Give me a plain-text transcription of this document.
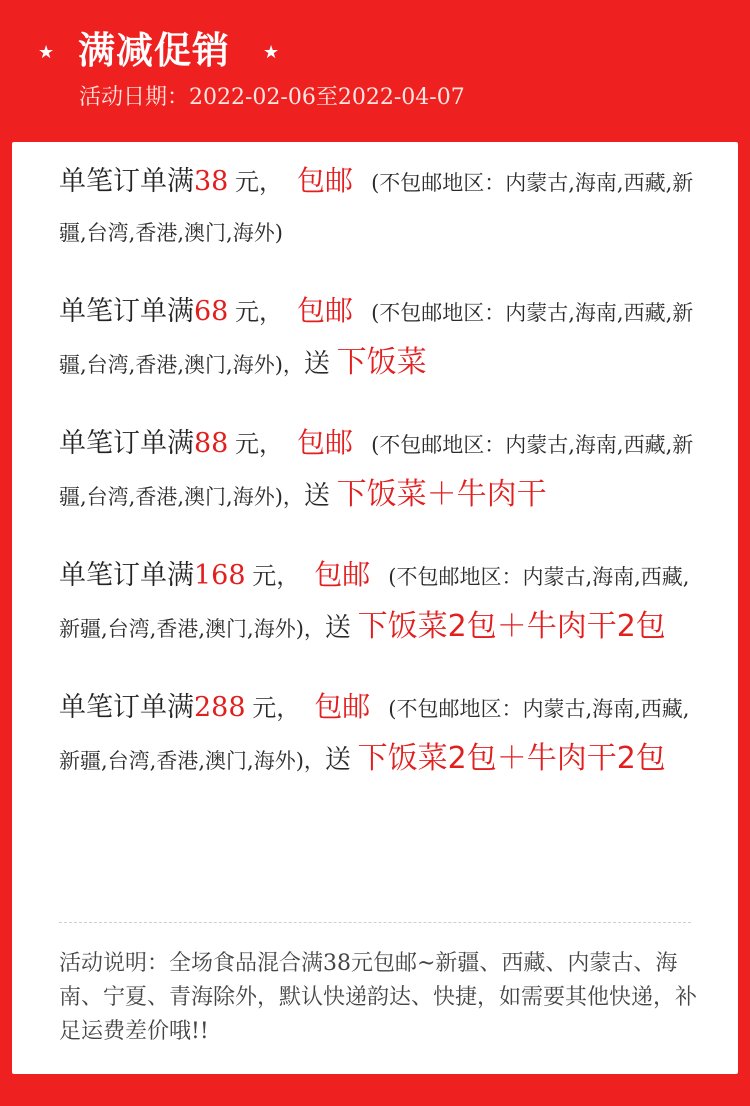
★ 满减促销 ★
活动日期：2022-02-06至2022-04-07
单笔订单满38 元， 包邮 (不包邮地区：内蒙古,海南,西藏,新疆,台湾,香港,澳门,海外)
单笔订单满68 元， 包邮 (不包邮地区：内蒙古,海南,西藏,新疆,台湾,香港,澳门,海外)，送 下饭菜
单笔订单满88 元， 包邮 (不包邮地区：内蒙古,海南,西藏,新疆,台湾,香港,澳门,海外)，送 下饭菜＋牛肉干
单笔订单满168 元， 包邮 (不包邮地区：内蒙古,海南,西藏,新疆,台湾,香港,澳门,海外)，送 下饭菜2包＋牛肉干2包
单笔订单满288 元， 包邮 (不包邮地区：内蒙古,海南,西藏,新疆,台湾,香港,澳门,海外)，送 下饭菜2包＋牛肉干2包
活动说明：全场食品混合满38元包邮~新疆、西藏、内蒙古、海南、宁夏、青海除外，默认快递韵达、快捷，如需要其他快递，补足运费差价哦!!
